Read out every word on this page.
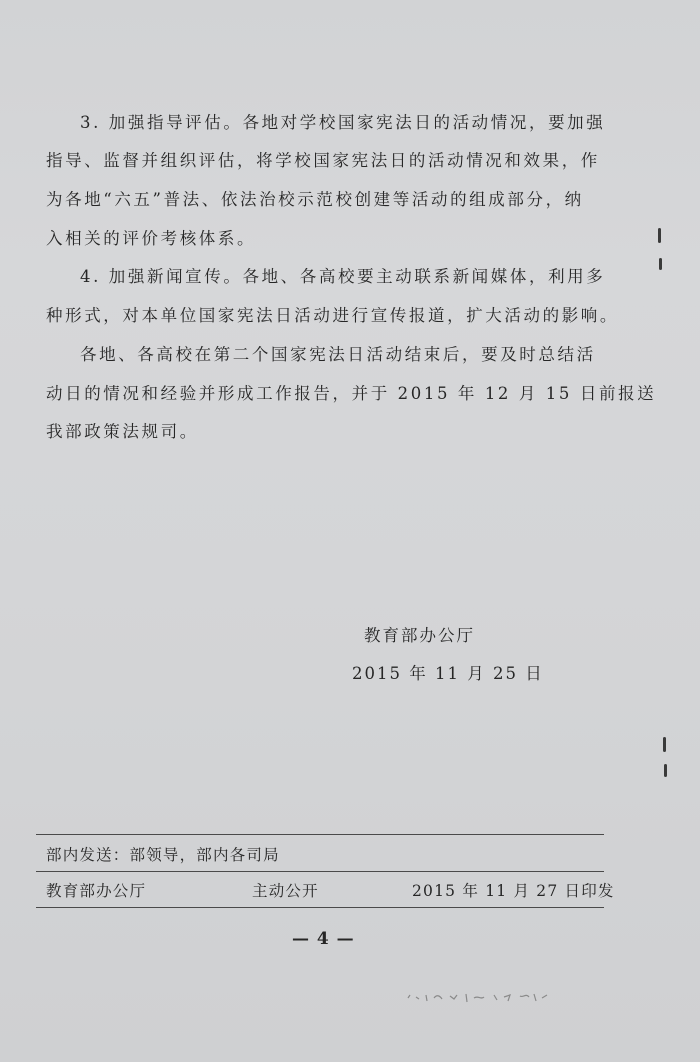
3. 加强指导评估。各地对学校国家宪法日的活动情况，要加强
指导、监督并组织评估，将学校国家宪法日的活动情况和效果，作
为各地“六五”普法、依法治校示范校创建等活动的组成部分，纳
入相关的评价考核体系。
4. 加强新闻宣传。各地、各高校要主动联系新闻媒体，利用多
种形式，对本单位国家宪法日活动进行宣传报道，扩大活动的影响。
各地、各高校在第二个国家宪法日活动结束后，要及时总结活
动日的情况和经验并形成工作报告，并于 2015 年 12 月 15 日前报送
我部政策法规司。
教育部办公厅
2015 年 11 月 25 日
部内发送：部领导，部内各司局
教育部办公厅	主动公开	2015 年 11 月 27 日印发
— 4 —
